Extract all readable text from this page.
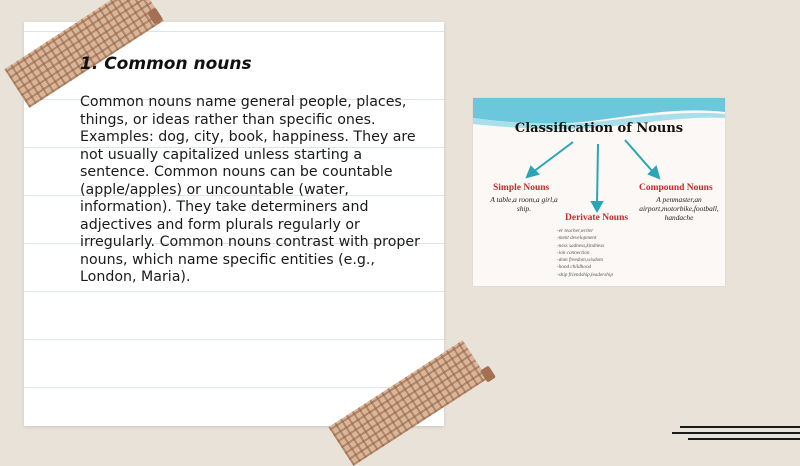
1. Common nouns

Common nouns name general people, places, things, or ideas rather than specific ones. Examples: dog, city, book, happiness. They are not usually capitalized unless starting a sentence. Common nouns can be countable (apple/apples) or uncountable (water, information). They take determiners and adjectives and form plurals regularly or irregularly. Common nouns contrast with proper nouns, which name specific entities (e.g., London, Maria).

Classification of Nouns
Simple Nouns
A table,a room,a girl,a ship.
Compound Nouns
A penmaster,an airport,motorbike,football, handache
Derivate Nouns
-er teacher,writer
-ment development
-ness sadness,kindness
-ion connection
-dom freedom,wisdom
-hood childhood
-ship friendship,leadership
